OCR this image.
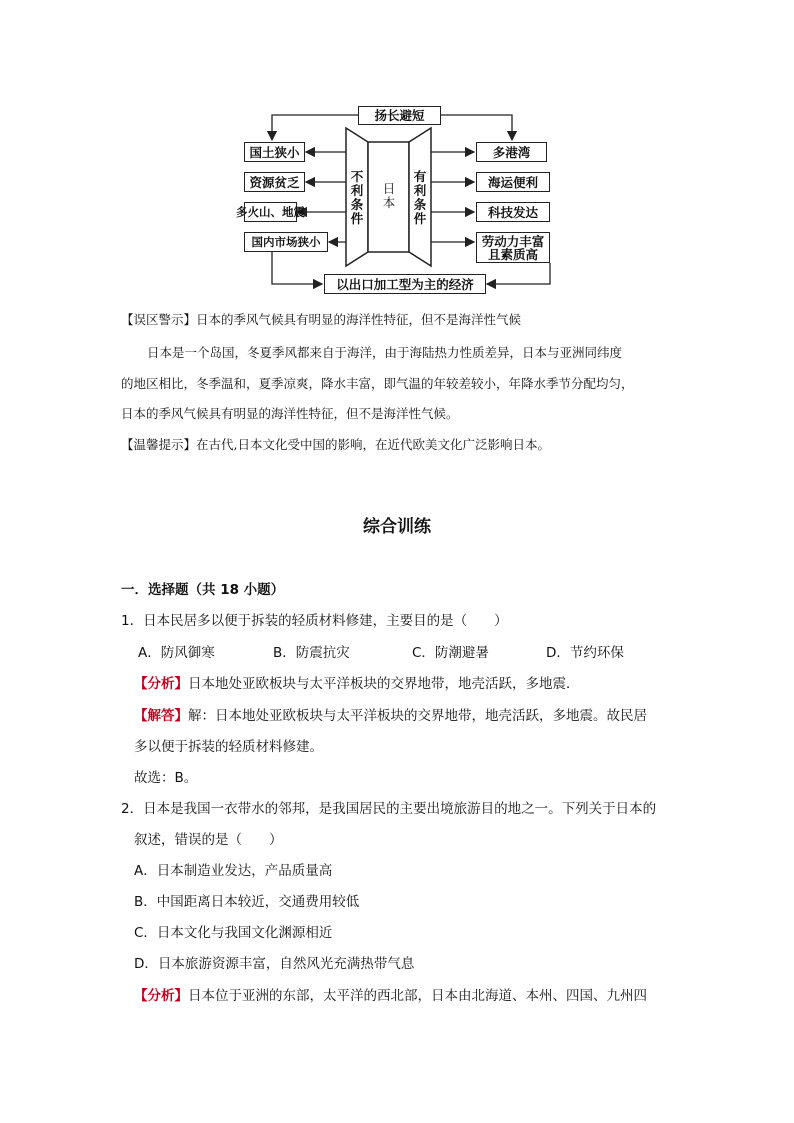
扬长避短
国土狭小
资源贫乏
多火山、地震
国内市场狭小
多港湾
海运便利
科技发达
劳动力丰富
且素质高
以出口加工型为主的经济
不
利
条
件
日
本
有
利
条
件
【误区警示】日本的季风气候具有明显的海洋性特征，但不是海洋性气候
日本是一个岛国，冬夏季风都来自于海洋，由于海陆热力性质差异，日本与亚洲同纬度
的地区相比，冬季温和，夏季凉爽，降水丰富，即气温的年较差较小，年降水季节分配均匀，
日本的季风气候具有明显的海洋性特征，但不是海洋性气候。
【温馨提示】在古代,日本文化受中国的影响，在近代欧美文化广泛影响日本。
综合训练
一．选择题（共 18 小题）
1．日本民居多以便于拆装的轻质材料修建，主要目的是（　　）
A．防风御寒	B．防震抗灾	C．防潮避暑	D．节约环保
【分析】日本地处亚欧板块与太平洋板块的交界地带，地壳活跃，多地震．
【解答】解：日本地处亚欧板块与太平洋板块的交界地带，地壳活跃，多地震。故民居
多以便于拆装的轻质材料修建。
故选：B。
2．日本是我国一衣带水的邻邦，是我国居民的主要出境旅游目的地之一。下列关于日本的
叙述，错误的是（　　）
A．日本制造业发达，产品质量高
B．中国距离日本较近，交通费用较低
C．日本文化与我国文化渊源相近
D．日本旅游资源丰富，自然风光充满热带气息
【分析】日本位于亚洲的东部，太平洋的西北部，日本由北海道、本州、四国、九州四
